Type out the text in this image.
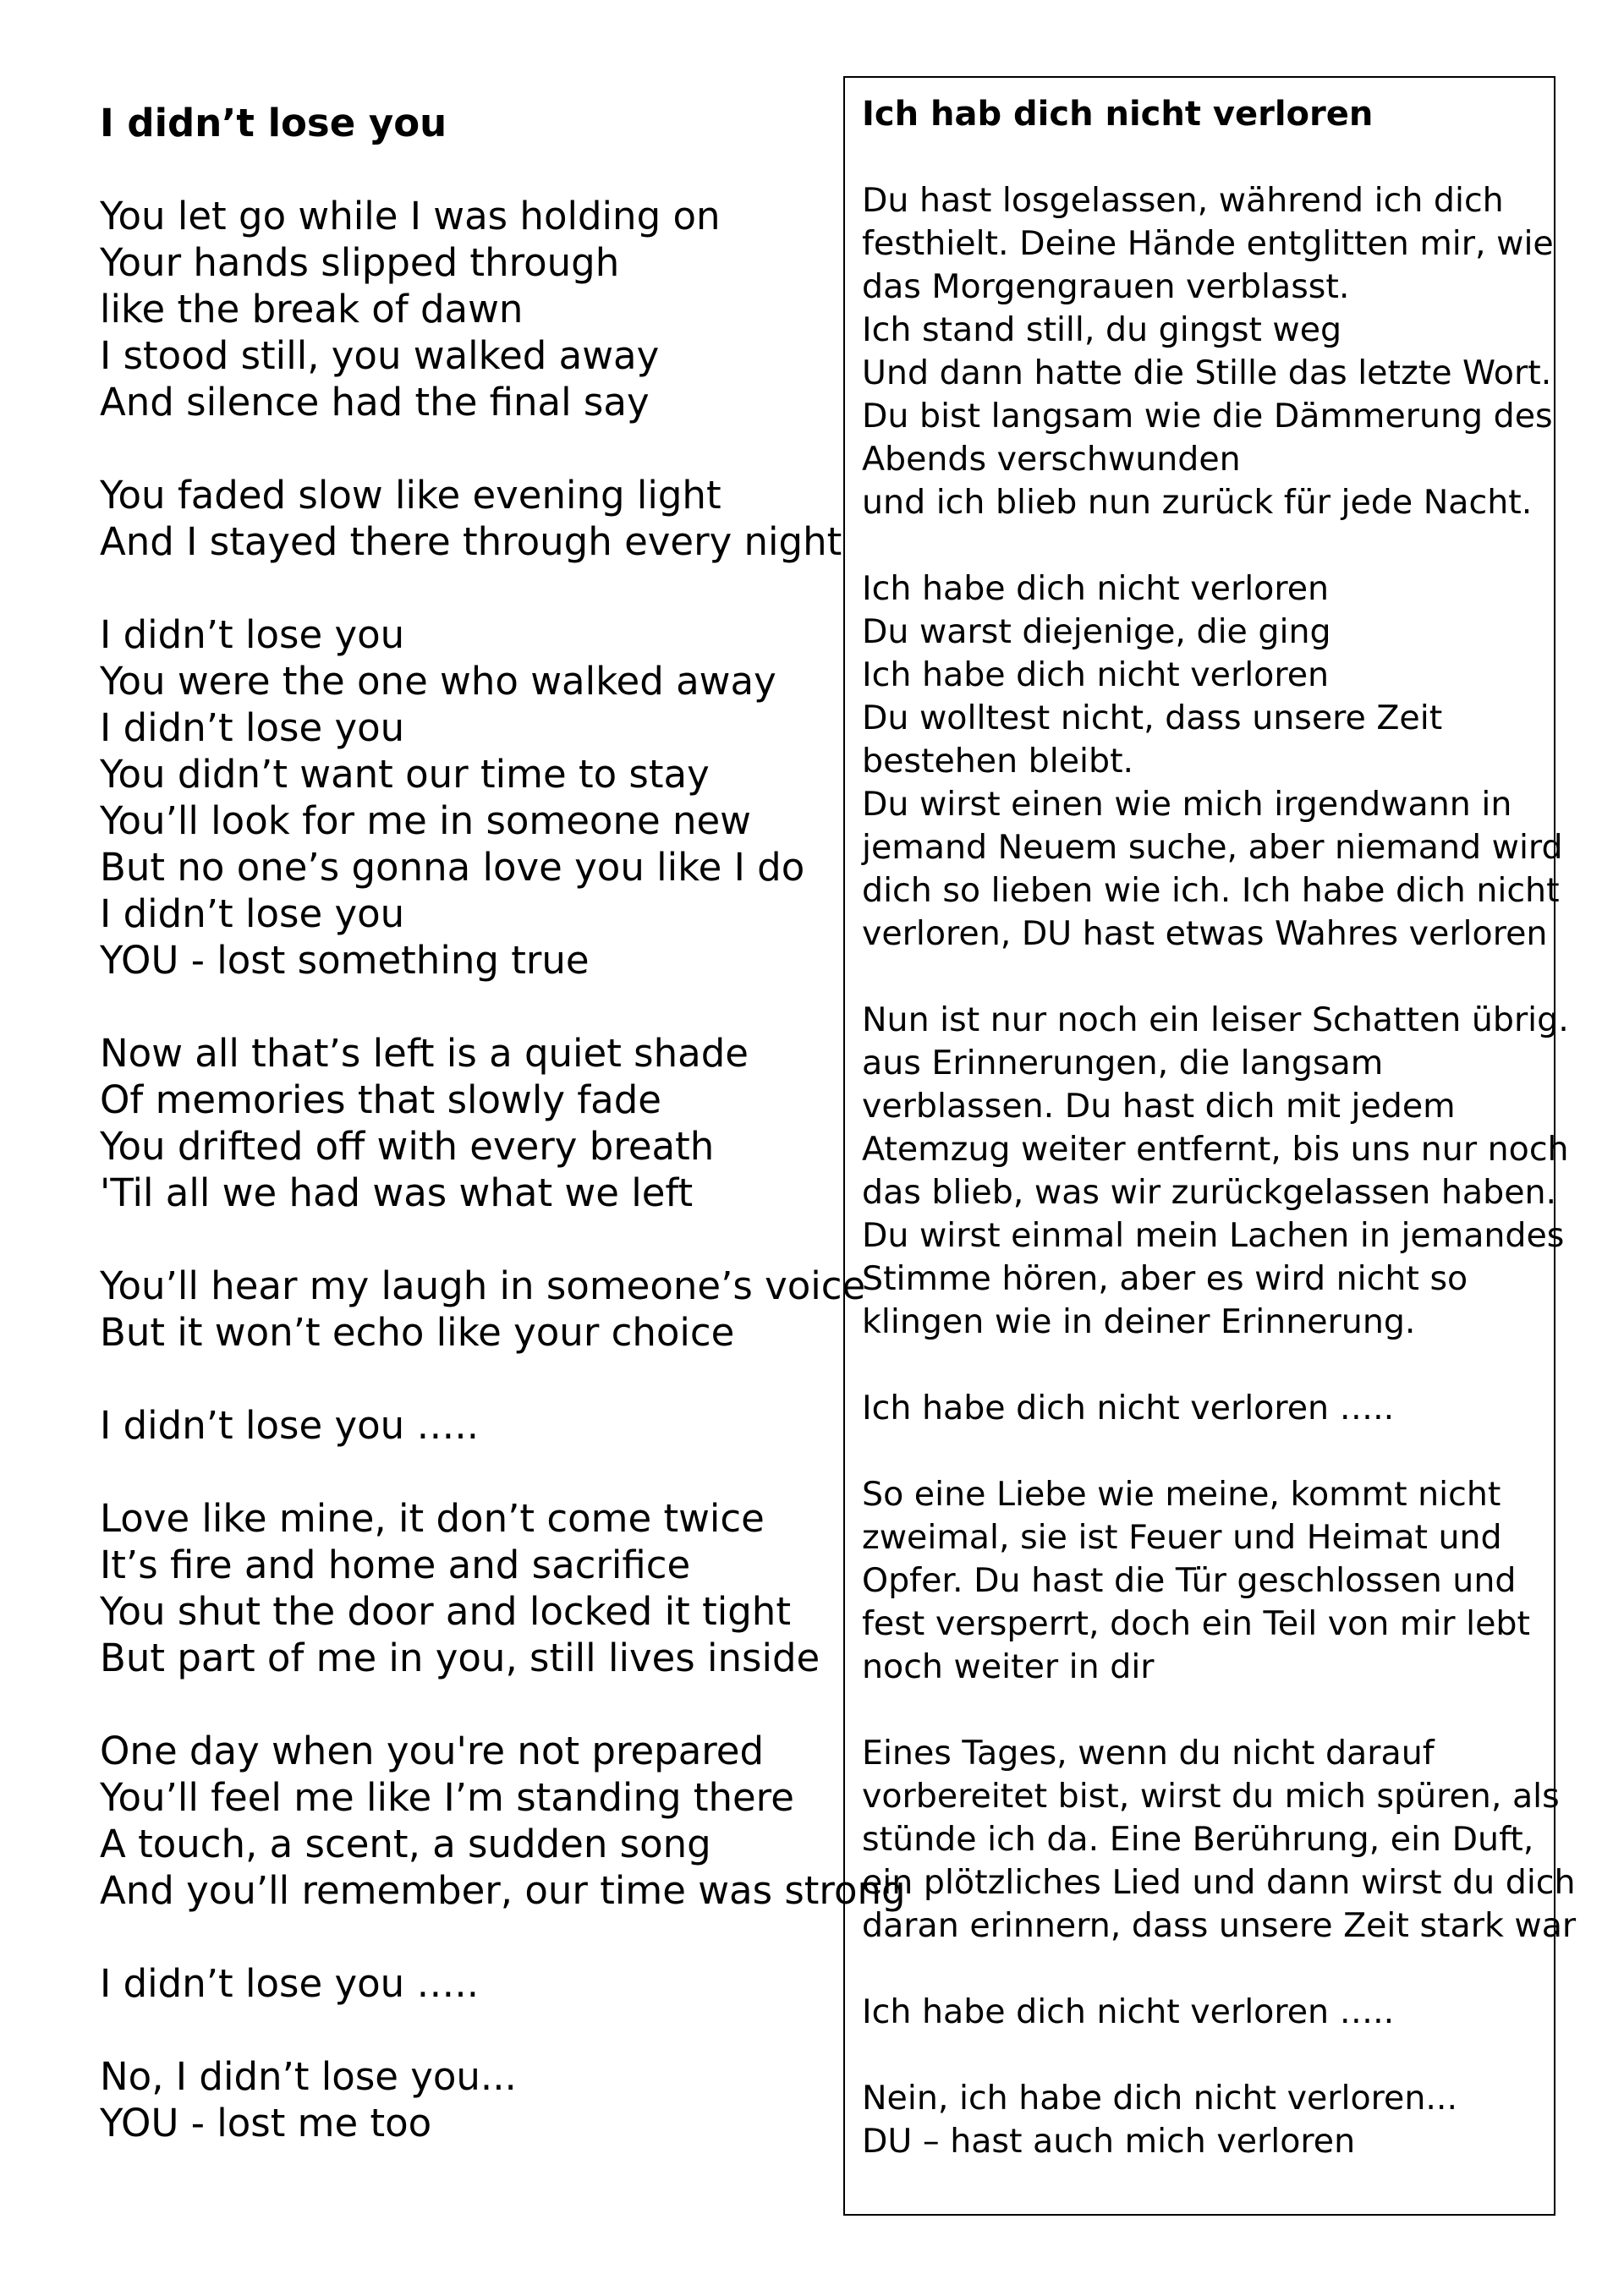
I didn’t lose you
You let go while I was holding on
Your hands slipped through
like the break of dawn
I stood still, you walked away
And silence had the final say
You faded slow like evening light
And I stayed there through every night
I didn’t lose you
You were the one who walked away
I didn’t lose you
You didn’t want our time to stay
You’ll look for me in someone new
But no one’s gonna love you like I do
I didn’t lose you
YOU - lost something true
Now all that’s left is a quiet shade
Of memories that slowly fade
You drifted off with every breath
'Til all we had was what we left
You’ll hear my laugh in someone’s voice
But it won’t echo like your choice
I didn’t lose you …..
Love like mine, it don’t come twice
It’s fire and home and sacrifice
You shut the door and locked it tight
But part of me in you, still lives inside
One day when you're not prepared
You’ll feel me like I’m standing there
A touch, a scent, a sudden song
And you’ll remember, our time was strong
I didn’t lose you …..
No, I didn’t lose you...
YOU - lost me too
Ich hab dich nicht verloren
Du hast losgelassen, während ich dich
festhielt. Deine Hände entglitten mir, wie
das Morgengrauen verblasst.
Ich stand still, du gingst weg
Und dann hatte die Stille das letzte Wort.
Du bist langsam wie die Dämmerung des
Abends verschwunden
und ich blieb nun zurück für jede Nacht.
Ich habe dich nicht verloren
Du warst diejenige, die ging
Ich habe dich nicht verloren
Du wolltest nicht, dass unsere Zeit
bestehen bleibt.
Du wirst einen wie mich irgendwann in
jemand Neuem suche, aber niemand wird
dich so lieben wie ich. Ich habe dich nicht
verloren, DU hast etwas Wahres verloren
Nun ist nur noch ein leiser Schatten übrig.
aus Erinnerungen, die langsam
verblassen. Du hast dich mit jedem
Atemzug weiter entfernt, bis uns nur noch
das blieb, was wir zurückgelassen haben.
Du wirst einmal mein Lachen in jemandes
Stimme hören, aber es wird nicht so
klingen wie in deiner Erinnerung.
Ich habe dich nicht verloren …..
So eine Liebe wie meine, kommt nicht
zweimal, sie ist Feuer und Heimat und
Opfer. Du hast die Tür geschlossen und
fest versperrt, doch ein Teil von mir lebt
noch weiter in dir
Eines Tages, wenn du nicht darauf
vorbereitet bist, wirst du mich spüren, als
stünde ich da. Eine Berührung, ein Duft,
ein plötzliches Lied und dann wirst du dich
daran erinnern, dass unsere Zeit stark war
Ich habe dich nicht verloren …..
Nein, ich habe dich nicht verloren...
DU – hast auch mich verloren
